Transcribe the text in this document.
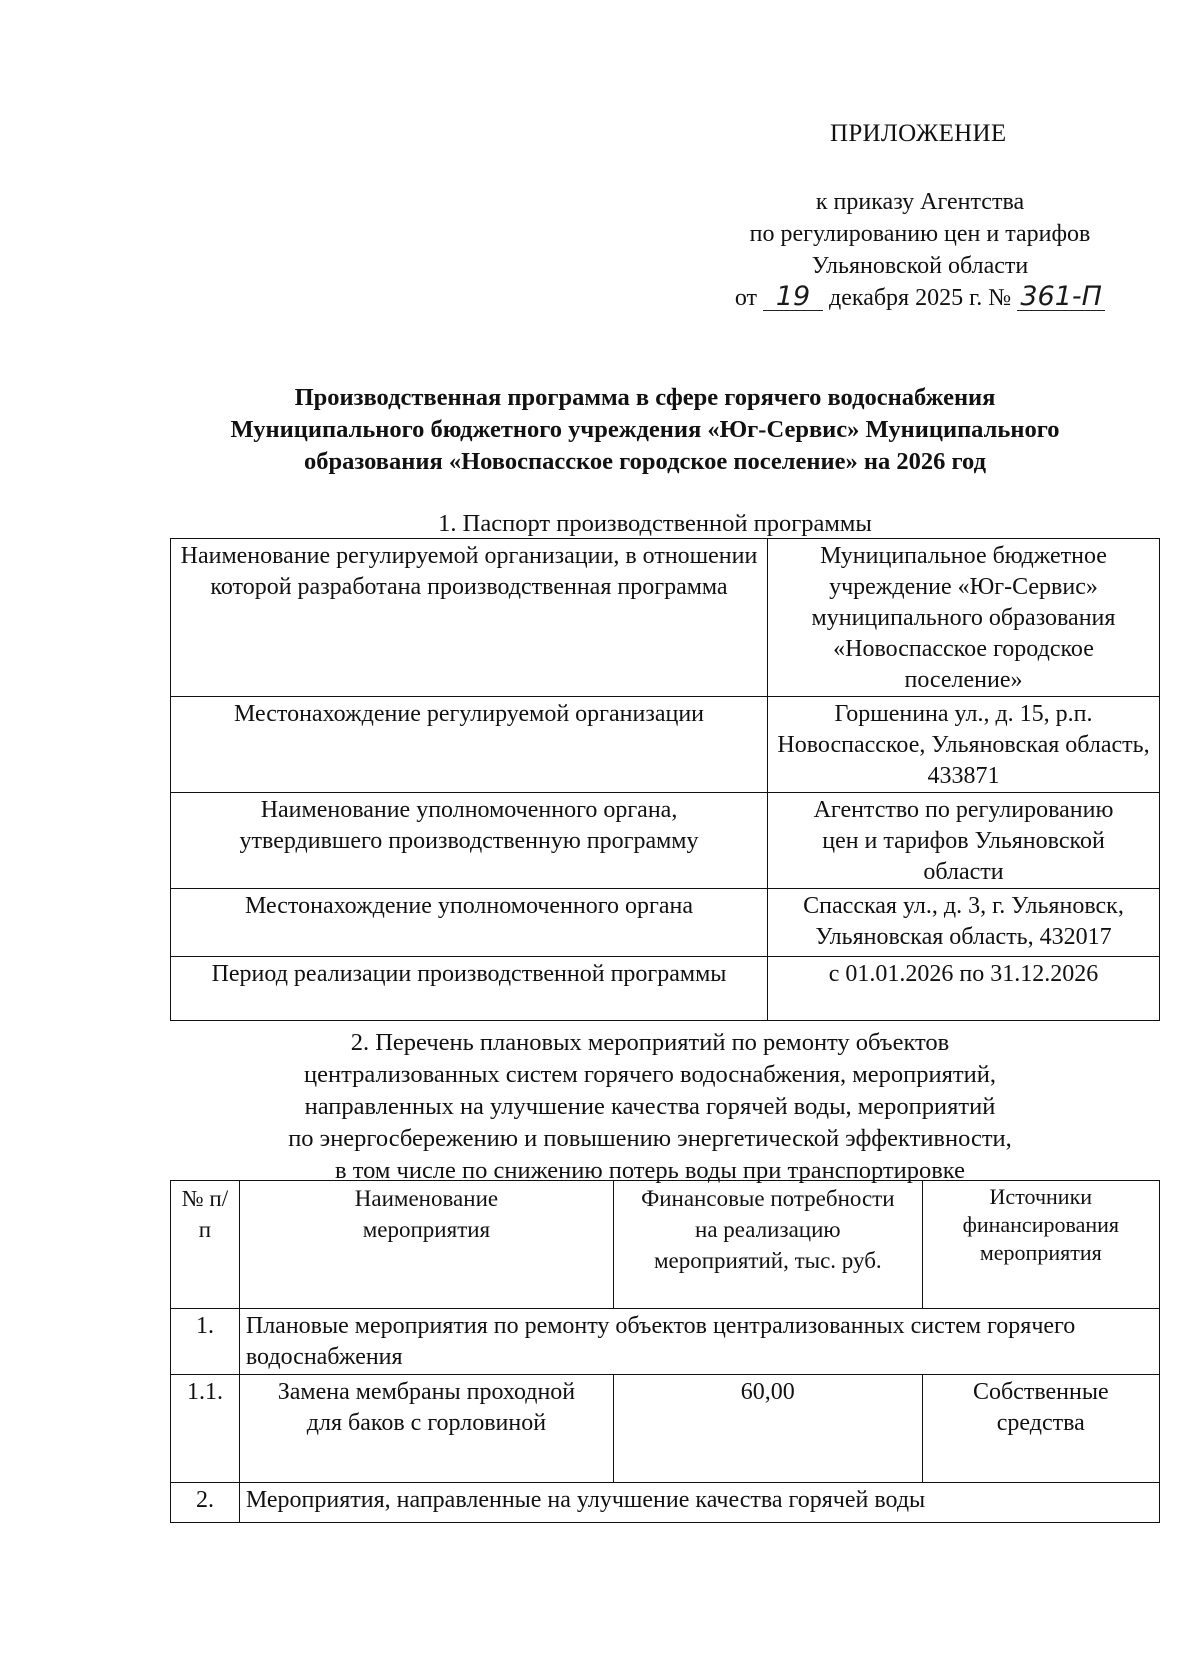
ПРИЛОЖЕНИЕ
к приказу Агентства
по регулированию цен и тарифов
Ульяновской области
от 19 декабря 2025 г. № 361-П
Производственная программа в сфере горячего водоснабжения
Муниципального бюджетного учреждения «Юг-Сервис» Муниципального
образования «Новоспасское городское поселение» на 2026 год
1. Паспорт производственной программы
Наименование регулируемой организации, в отношении которой разработана производственная программа	Муниципальное бюджетное учреждение «Юг-Сервис» муниципального образования «Новоспасское городское поселение»
Местонахождение регулируемой организации	Горшенина ул., д. 15, р.п. Новоспасское, Ульяновская область, 433871
Наименование уполномоченного органа, утвердившего производственную программу	Агентство по регулированию цен и тарифов Ульяновской области
Местонахождение уполномоченного органа	Спасская ул., д. 3, г. Ульяновск, Ульяновская область, 432017
Период реализации производственной программы	с 01.01.2026 по 31.12.2026
2. Перечень плановых мероприятий по ремонту объектов
централизованных систем горячего водоснабжения, мероприятий,
направленных на улучшение качества горячей воды, мероприятий
по энергосбережению и повышению энергетической эффективности,
в том числе по снижению потерь воды при транспортировке
№ п/п	Наименование мероприятия	Финансовые потребности на реализацию мероприятий, тыс. руб.	Источники финансирования мероприятия
1.	Плановые мероприятия по ремонту объектов централизованных систем горячего водоснабжения		
1.1.	Замена мембраны проходной для баков с горловиной	60,00	Собственные средства
2.	Мероприятия, направленные на улучшение качества горячей воды		
